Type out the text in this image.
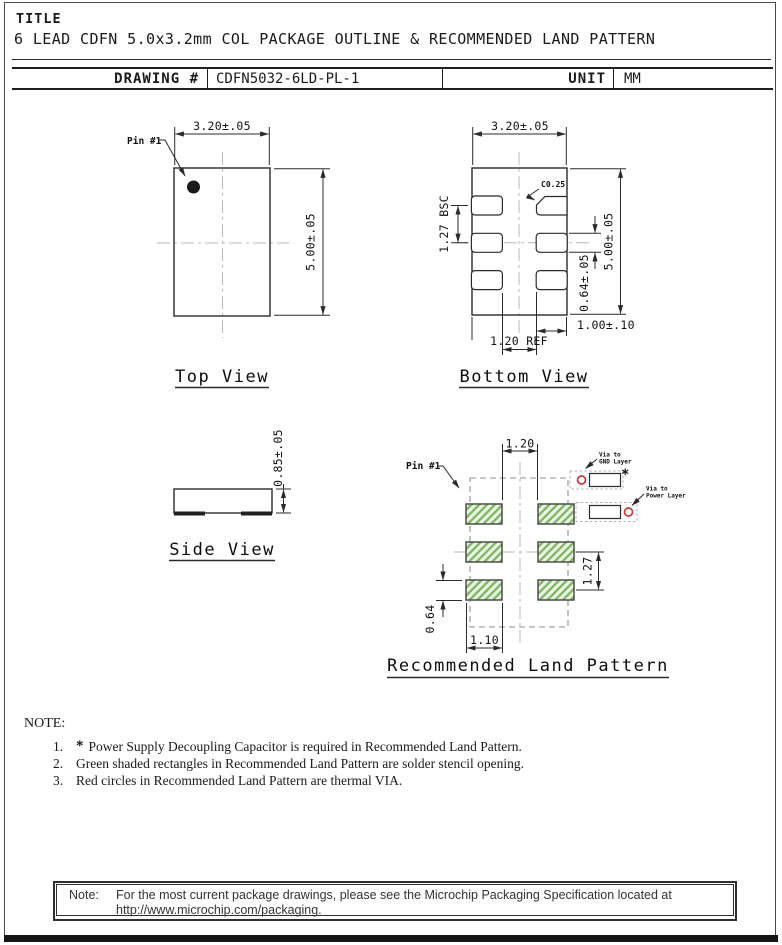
TITLE
6 LEAD CDFN 5.0x3.2mm COL PACKAGE OUTLINE & RECOMMENDED LAND PATTERN
DRAWING #	CDFN5032-6LD-PL-1	UNIT	MM
Pin #1
3.20±.05
5.00±.05
Top View
C0.25
3.20±.05
1.27 BSC
0.64±.05
5.00±.05
1.00±.10
1.20 REF
Bottom View
0.85±.05
Side View
1.20
Pin #1
*
Via to
GND Layer
Via to
Power Layer
1.27
0.64
1.10
Recommended Land Pattern
NOTE:
1. * Power Supply Decoupling Capacitor is required in Recommended Land Pattern.
2. Green shaded rectangles in Recommended Land Pattern are solder stencil opening.
3. Red circles in Recommended Land Pattern are thermal VIA.
Note:	For the most current package drawings, please see the Microchip Packaging Specification located at
http://www.microchip.com/packaging.
